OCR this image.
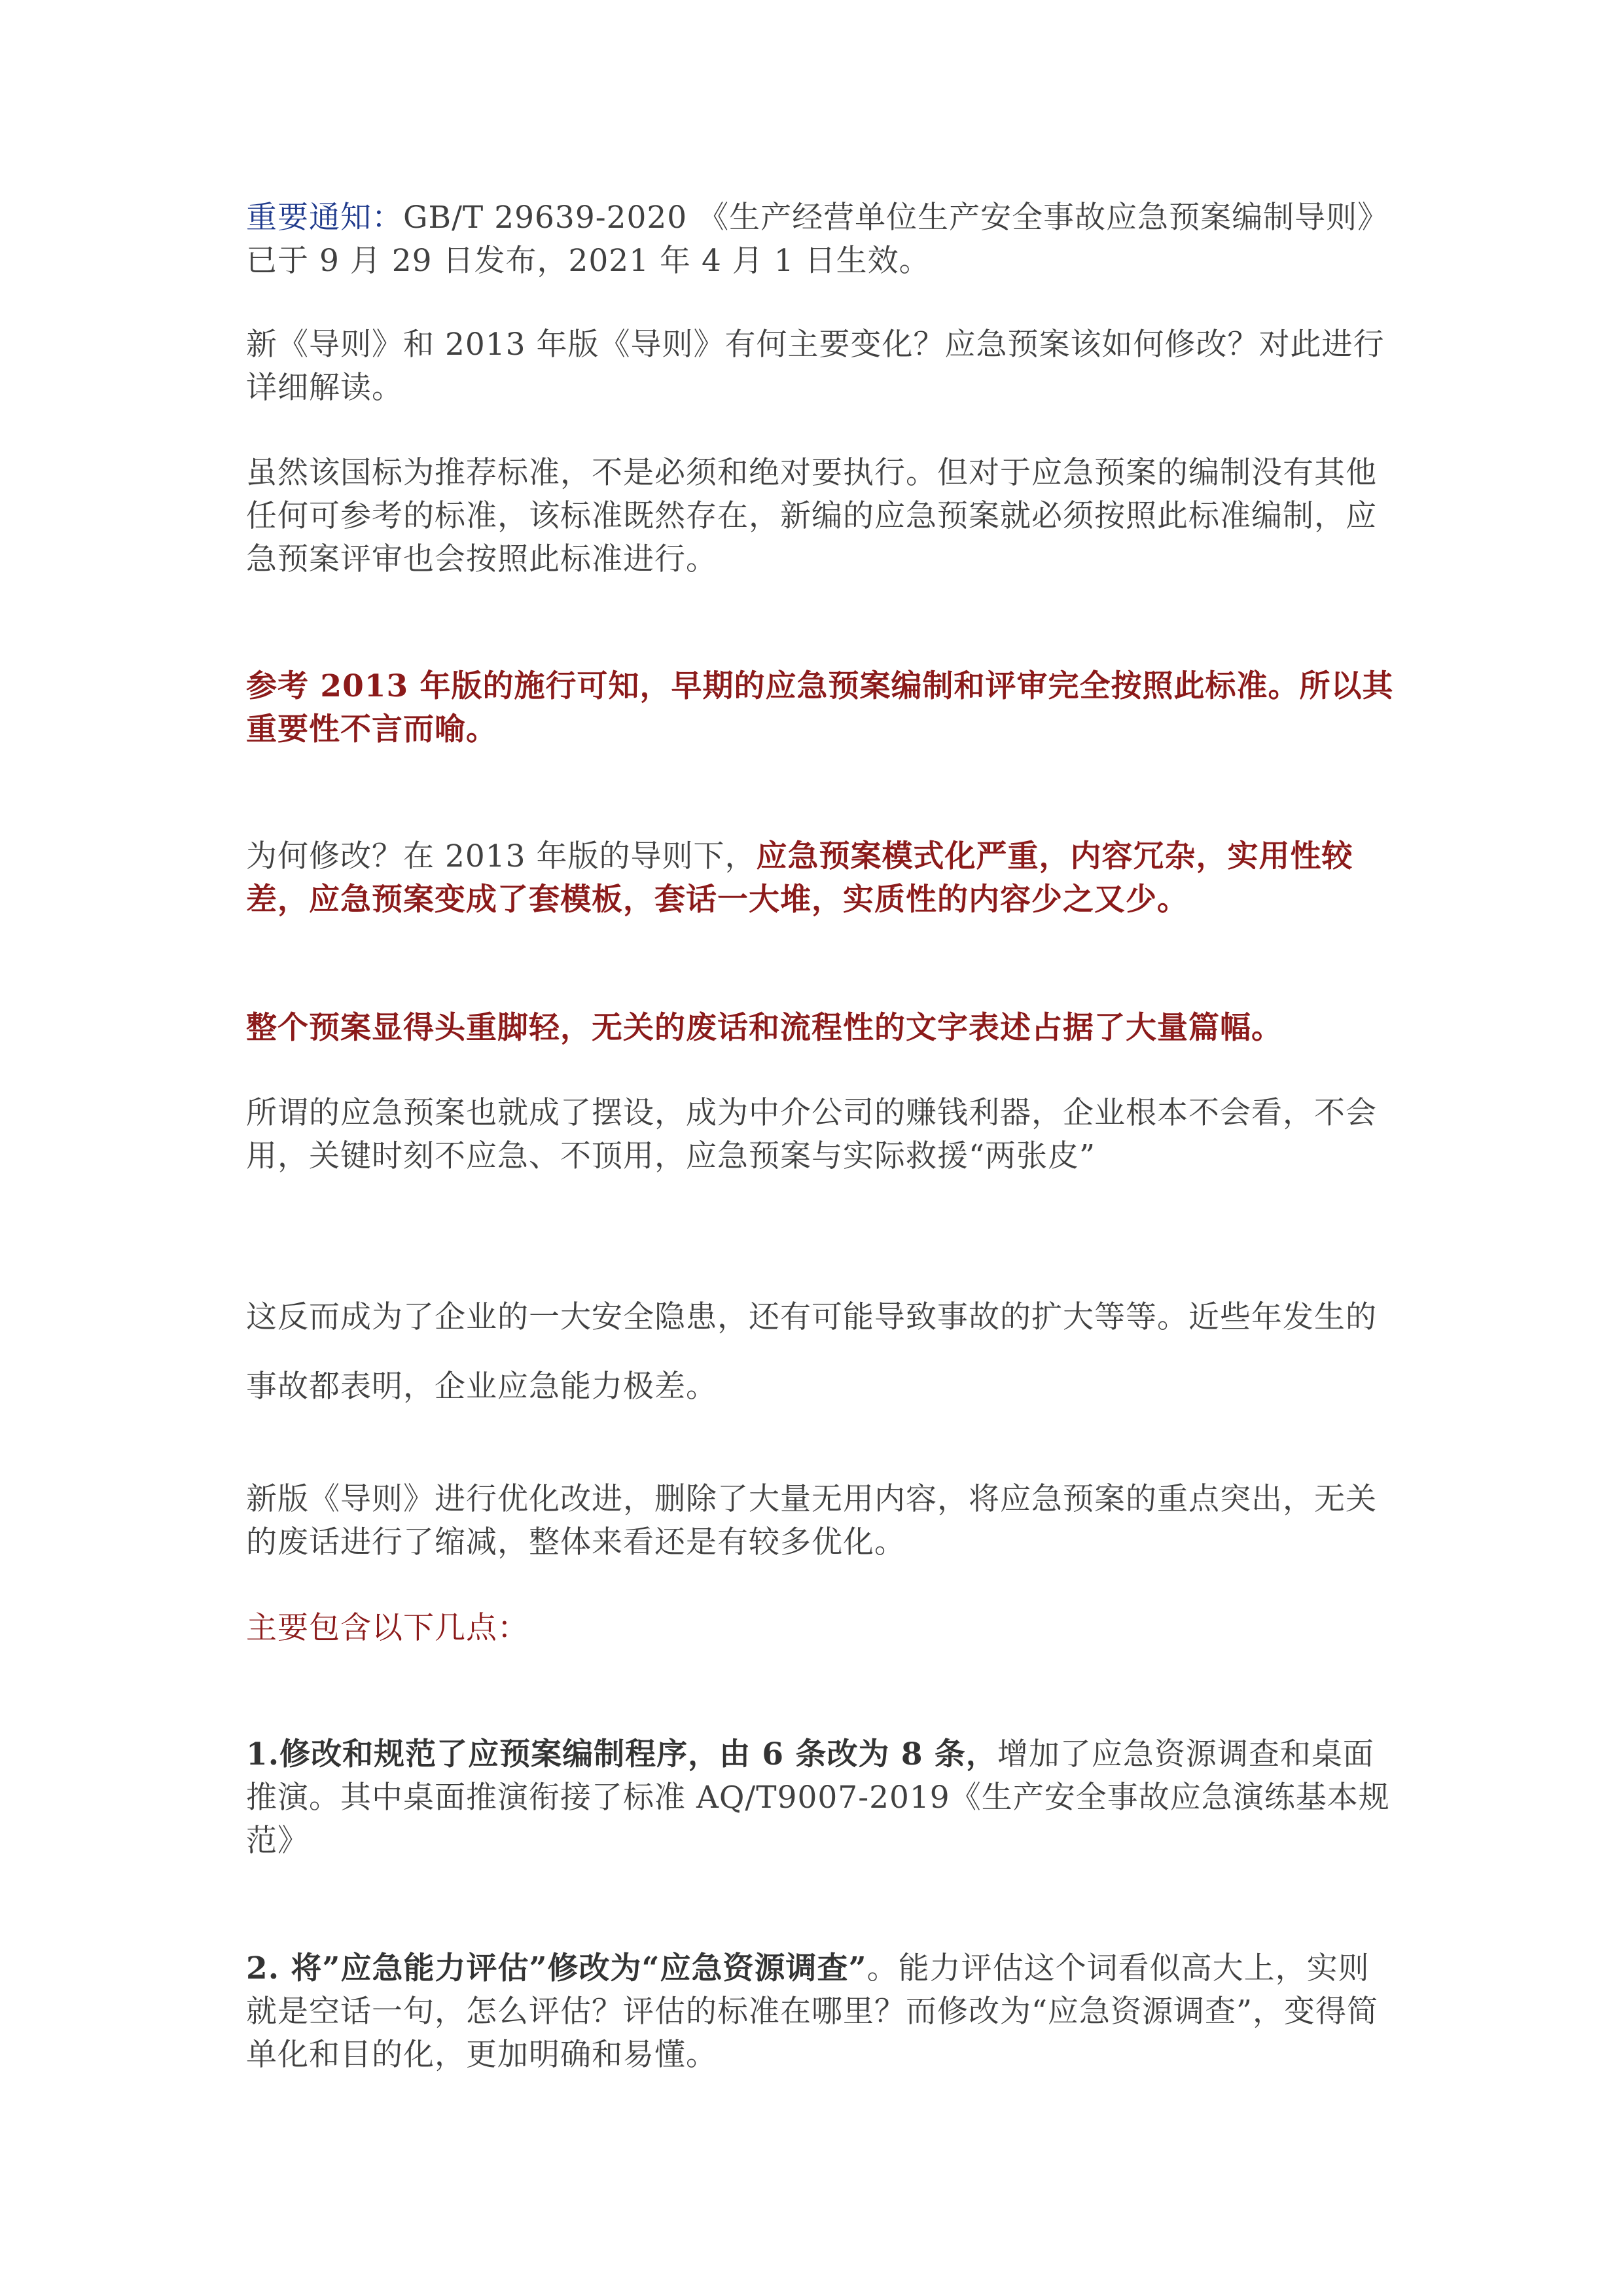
重要通知：GB/T 29639-2020 《生产经营单位生产安全事故应急预案编制导则》已于 9 月 29 日发布，2021 年 4 月 1 日生效。

新《导则》和 2013 年版《导则》有何主要变化？应急预案该如何修改？对此进行详细解读。

虽然该国标为推荐标准，不是必须和绝对要执行。但对于应急预案的编制没有其他任何可参考的标准，该标准既然存在，新编的应急预案就必须按照此标准编制，应急预案评审也会按照此标准进行。

参考 2013 年版的施行可知，早期的应急预案编制和评审完全按照此标准。所以其重要性不言而喻。

为何修改？在 2013 年版的导则下，应急预案模式化严重，内容冗杂，实用性较差，应急预案变成了套模板，套话一大堆，实质性的内容少之又少。

整个预案显得头重脚轻，无关的废话和流程性的文字表述占据了大量篇幅。

所谓的应急预案也就成了摆设，成为中介公司的赚钱利器，企业根本不会看，不会用，关键时刻不应急、不顶用，应急预案与实际救援“两张皮”

这反而成为了企业的一大安全隐患，还有可能导致事故的扩大等等。近些年发生的事故都表明，企业应急能力极差。

新版《导则》进行优化改进，删除了大量无用内容，将应急预案的重点突出，无关的废话进行了缩减，整体来看还是有较多优化。

主要包含以下几点：

1.修改和规范了应预案编制程序，由 6 条改为 8 条，增加了应急资源调查和桌面推演。其中桌面推演衔接了标准 AQ/T9007-2019《生产安全事故应急演练基本规范》

2. 将”应急能力评估”修改为“应急资源调查”。能力评估这个词看似高大上，实则就是空话一句，怎么评估？评估的标准在哪里？而修改为“应急资源调查”，变得简单化和目的化，更加明确和易懂。
